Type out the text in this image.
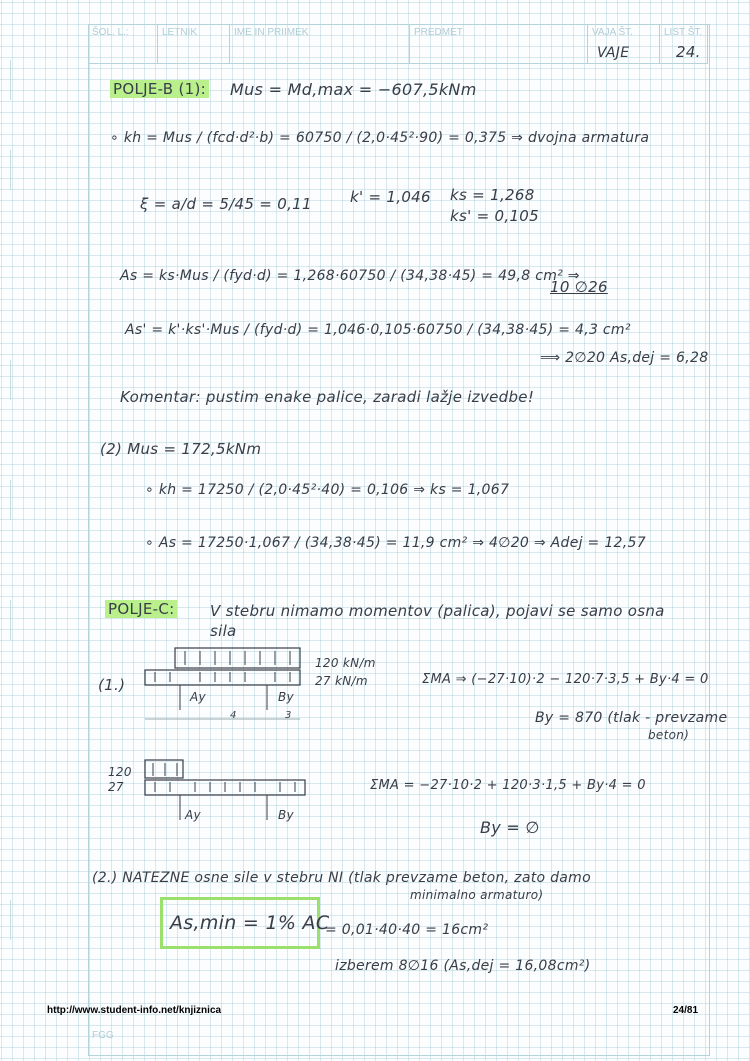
ŠOL. L.:	LETNIK	IME IN PRIIMEK	PREDMET	VAJA ŠT.	LIST ŠT.
VAJE	24.
POLJE-B (1): Mus = Md,max = −607,5kNm
∘ kh = Mus / (fcd·d²·b) = 60750 / (2,0·45²·90) = 0,375 ⇒ dvojna armatura
ξ = a/d = 5/45 = 0,11	k' = 1,046 ks = 1,268
ks' = 0,105
As = ks·Mus / (fyd·d) = 1,268·60750 / (34,38·45) = 49,8 cm² ⇒
10 ∅26
As' = k'·ks'·Mus / (fyd·d) = 1,046·0,105·60750 / (34,38·45) = 4,3 cm²
⟹ 2∅20 As,dej = 6,28
Komentar: pustim enake palice, zaradi lažje izvedbe!
(2) Mus = 172,5kNm
∘ kh = 17250 / (2,0·45²·40) = 0,106 ⇒ ks = 1,067
∘ As = 17250·1,067 / (34,38·45) = 11,9 cm² ⇒ 4∅20 ⇒ Adej = 12,57
POLJE-C: V stebru nimamo momentov (palica), pojavi se samo osna
sila
(1.)
120 kN/m
27 kN/m
Ay	By
4	3
ΣMA ⇒ (−27·10)·2 − 120·7·3,5 + By·4 = 0
By = 870 (tlak - prevzame
beton)
120
27
Ay	By
ΣMA = −27·10·2 + 120·3·1,5 + By·4 = 0
By = ∅
(2.) NATEZNE osne sile v stebru NI (tlak prevzame beton, zato damo
minimalno armaturo)
As,min = 1% AC
= 0,01·40·40 = 16cm²
izberem 8∅16 (As,dej = 16,08cm²)
http://www.student-info.net/knjiznica	24/81
FGG
